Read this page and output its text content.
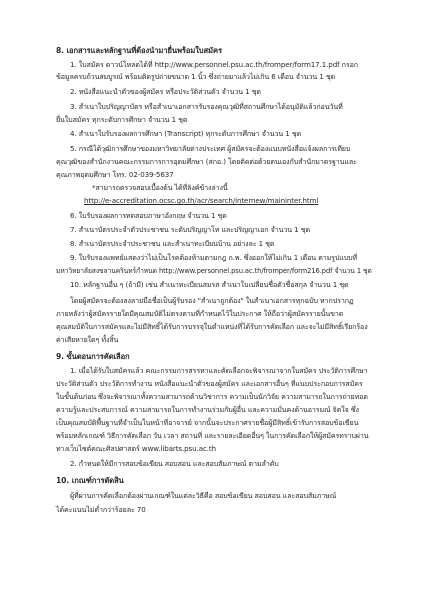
8. เอกสารและหลักฐานที่ต้องนำมายื่นพร้อมใบสมัคร
1. ใบสมัคร ดาวน์โหลดได้ที่ http://www.personnel.psu.ac.th/fromper/form17.1.pdf กรอก
ข้อมูลครบถ้วนสมบูรณ์ พร้อมติดรูปถ่ายขนาด 1 นิ้ว ซึ่งถ่ายมาแล้วไม่เกิน 6 เดือน จำนวน 1 ชุด
2. หนังสือแนะนำตัวของผู้สมัคร หรือประวัติส่วนตัว จำนวน 1 ชุด
3. สำเนาใบปริญญาบัตร หรือสำเนาเอกสารรับรองคุณวุฒิที่สถานศึกษาได้อนุมัติแล้วก่อนวันที่
ยื่นใบสมัคร ทุกระดับการศึกษา จำนวน 1 ชุด
4. สำเนาใบรับรองผลการศึกษา (Transcript) ทุกระดับการศึกษา จำนวน 1 ชุด
5. กรณีได้วุฒิการศึกษาของมหาวิทยาลัยต่างประเทศ ผู้สมัครจะต้องแนบหนังสือแจ้งผลการเทียบ
คุณวุฒิของสำนักงานคณะกรรมการการอุดมศึกษา (สกอ.) โดยติดต่อด้วยตนเองกับสำนักมาตรฐานและ
คุณภาพอุดมศึกษา โทร. 02-039-5637
*สามารถตรวจสอบเบื้องต้น ได้ที่ลิงค์ข้างล่างนี้
http://e-accreditation.ocsc.go.th/acr/search/internew/maininter.html
6. ใบรับรองผลการทดสอบภาษาอังกฤษ จำนวน 1 ชุด
7. สำเนาบัตรประจำตัวประชาชน ระดับปริญญาโท และปริญญาเอก จำนวน 1 ชุด
8. สำเนาบัตรประจำประชาชน และสำเนาทะเบียนบ้าน อย่างละ 1 ชุด
9. ใบรับรองแพทย์แสดงว่าไม่เป็นโรคต้องห้ามตามกฎ ก.พ. ซึ่งออกให้ไม่เกิน 1 เดือน ตามรูปแบบที่
มหาวิทยาลัยสงขลานครินทร์กำหนด http://www.personnel.psu.ac.th/fromper/form216.pdf จำนวน 1 ชุด
10. หลักฐานอื่น ๆ (ถ้ามี) เช่น สำเนาทะเบียนสมรส สำเนาใบเปลี่ยนชื่อตัวชื่อสกุล จำนวน 1 ชุด
โดยผู้สมัครจะต้องลงลายมือชื่อเป็นผู้รับรอง "สำเนาถูกต้อง" ในสำเนาเอกสารทุกฉบับ หากปรากฏ
ภายหลังว่าผู้สมัครรายใดมีคุณสมบัติไม่ตรงตามที่กำหนดไว้ในประกาศ ให้ถือว่าผู้สมัครรายนั้นขาด
คุณสมบัติในการสมัครและไม่มีสิทธิ์ได้รับการบรรจุในตำแหน่งที่ได้รับการคัดเลือก และจะไม่มีสิทธิ์เรียกร้อง
ค่าเสียหายใดๆ ทั้งสิ้น
9. ขั้นตอนการคัดเลือก
1. เมื่อได้รับใบสมัครแล้ว คณะกรรมการสรรหาและคัดเลือกจะพิจารณาจากใบสมัคร ประวัติการศึกษา
ประวัติส่วนตัว ประวัติการทำงาน หนังสือแนะนำตัวของผู้สมัคร และเอกสารอื่นๆ ที่แนบประกอบการสมัคร
ในขั้นต้นก่อน ซึ่งจะพิจารณาทั้งความสามารถด้านวิชาการ ความเป็นนักวิจัย ความสามารถในการถ่ายทอด
ความรู้และประสบการณ์ ความสามารถในการทำงานร่วมกับผู้อื่น และความมั่นคงด้านอารมณ์ จิตใจ ซึ่ง
เป็นคุณสมบัติพื้นฐานที่จำเป็นในหน้าที่อาจารย์ จากนั้นจะประกาศรายชื่อผู้มีสิทธิ์เข้ารับการสอบข้อเขียน
พร้อมหลักเกณฑ์ วิธีการคัดเลือก วัน เวลา สถานที่ และรายละเอียดอื่นๆ ในการคัดเลือกให้ผู้สมัครทราบผ่าน
ทางเว็บไซต์คณะศิลปศาสตร์ www.libarts.psu.ac.th
2. กำหนดให้มีการสอบข้อเขียน สอบสอน และสอบสัมภาษณ์ ตามลำดับ
10. เกณฑ์การตัดสิน
ผู้ที่ผ่านการคัดเลือกต้องผ่านเกณฑ์ในแต่ละวิธีคือ สอบข้อเขียน สอบสอน และสอบสัมภาษณ์
ได้คะแนนไม่ต่ำกว่าร้อยละ 70
